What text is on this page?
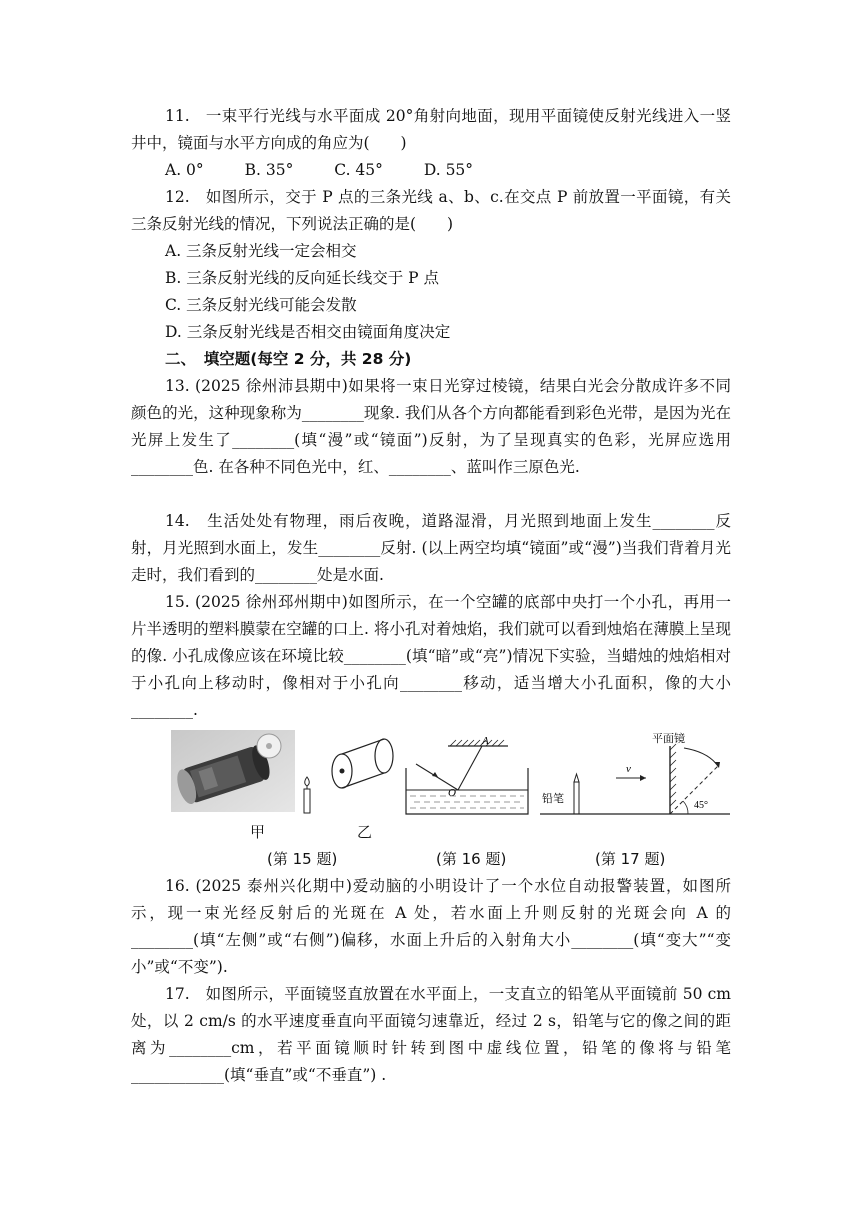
11.　一束平行光线与水平面成 20°角射向地面，现用平面镜使反射光线进入一竖井中，镜面与水平方向成的角应为(　　)

A. 0°	B. 35°	C. 45°	D. 55°

12.　如图所示，交于 P 点的三条光线 a、b、c.在交点 P 前放置一平面镜，有关三条反射光线的情况，下列说法正确的是(　　)

A. 三条反射光线一定会相交
B. 三条反射光线的反向延长线交于 P 点
C. 三条反射光线可能会发散
D. 三条反射光线是否相交由镜面角度决定
二、　填空题(每空 2 分，共 28 分)

13. (2025 徐州沛县期中)如果将一束日光穿过棱镜，结果白光会分散成许多不同颜色的光，这种现象称为________现象. 我们从各个方向都能看到彩色光带，是因为光在光屏上发生了________(填“漫”或“镜面”)反射，为了呈现真实的色彩，光屏应选用________色. 在各种不同色光中，红、________、蓝叫作三原色光.

14.　生活处处有物理，雨后夜晚，道路湿滑，月光照到地面上发生________反射，月光照到水面上，发生________反射. (以上两空均填“镜面”或“漫”)当我们背着月光走时，我们看到的________处是水面.

15. (2025 徐州邳州期中)如图所示，在一个空罐的底部中央打一个小孔，再用一片半透明的塑料膜蒙在空罐的口上. 将小孔对着烛焰，我们就可以看到烛焰在薄膜上呈现的像. 小孔成像应该在环境比较________(填“暗”或“亮”)情况下实验，当蜡烛的烛焰相对于小孔向上移动时，像相对于小孔向________移动，适当增大小孔面积，像的大小________.

A
O	铅笔
v
平面镜
45°
甲	乙
(第 15 题)	(第 16 题)	(第 17 题)

16. (2025 泰州兴化期中)爱动脑的小明设计了一个水位自动报警装置，如图所示，现一束光经反射后的光斑在 A 处，若水面上升则反射的光斑会向 A 的________(填“左侧”或“右侧”)偏移，水面上升后的入射角大小________(填“变大”“变小”或“不变”).

17.　如图所示，平面镜竖直放置在水平面上，一支直立的铅笔从平面镜前 50 cm 处，以 2 cm/s 的水平速度垂直向平面镜匀速靠近，经过 2 s，铅笔与它的像之间的距离为________cm，若平面镜顺时针转到图中虚线位置，铅笔的像将与铅笔____________(填“垂直”或“不垂直”) .
